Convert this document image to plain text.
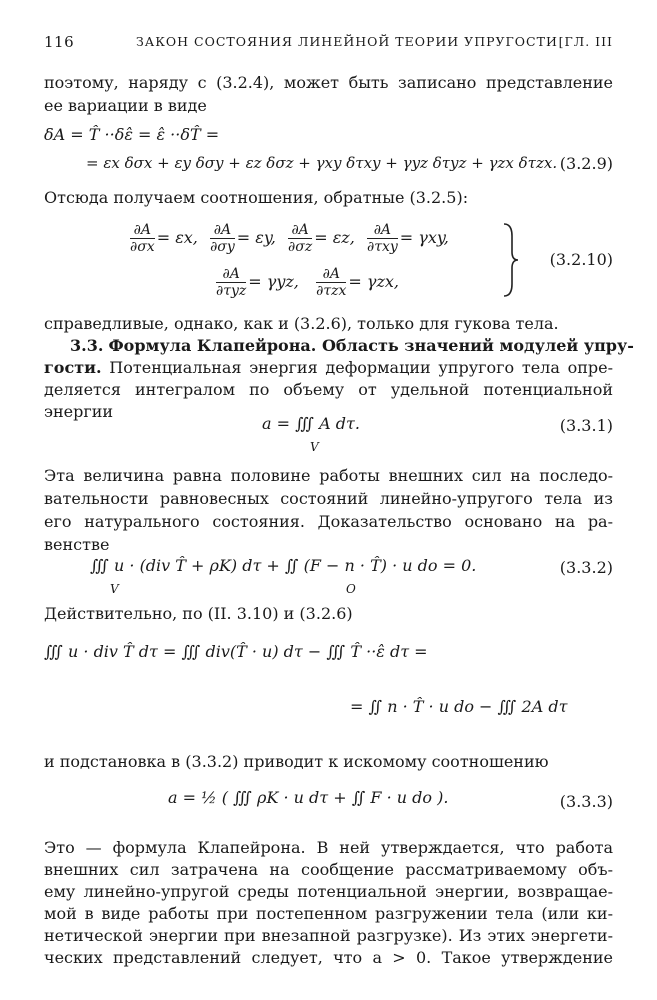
116	ЗАКОН СОСТОЯНИЯ ЛИНЕЙНОЙ ТЕОРИИ УПРУГОСТИ [ГЛ. III
поэтому, наряду с (3.2.4), может быть записано представление
ее вариации в виде
δA = T̂ ··δε̂ = ε̂ ··δT̂ =
= εx δσx + εy δσy + εz δσz + γxy δτxy + γyz δτyz + γzx δτzx. (3.2.9)
Отсюда получаем соотношения, обратные (3.2.5):
$\frac{\partial A}{\partial\sigma x} = \varepsilon x$, $\frac{\partial A}{\partial\sigma y} = \varepsilon y$, $\frac{\partial A}{\partial\sigma z} = \varepsilon z$, $\frac{\partial A}{\text{∂τxy}} = \gamma xy$,
$\frac{\partial A}{\text{∂τyz}} = \gamma yz$, $\frac{\partial A}{\text{∂τzx}} = \gamma zx$,
(3.2.10)
справедливые, однако, как и (3.2.6), только для гукова тела.
3.3. Формула Клапейрона. Область значений модулей упру-
гости. Потенциальная энергия деформации упругого тела опре-
деляется интегралом по объему от удельной потенциальной
энергии
a = ∭ A dτ.
V
(3.3.1)
Эта величина равна половине работы внешних сил на последо-
вательности равновесных состояний линейно-упругого тела из
его натурального состояния. Доказательство основано на ра-
венстве
∭ u · (div T̂ + ρK) dτ + ∬ (F − n · T̂) · u do = 0.
V	O
(3.3.2)
Действительно, по (II. 3.10) и (3.2.6)
∭ u · div T̂ dτ = ∭ div(T̂ · u) dτ − ∭ T̂ ··ε̂ dτ =
= ∬ n · T̂ · u do − ∭ 2A dτ
и подстановка в (3.3.2) приводит к искомому соотношению
a = ½ ( ∭ ρK · u dτ + ∬ F · u do ).	(3.3.3)
Это — формула Клапейрона. В ней утверждается, что работа
внешних сил затрачена на сообщение рассматриваемому объ-
ему линейно-упругой среды потенциальной энергии, возвращае-
мой в виде работы при постепенном разгружении тела (или ки-
нетической энергии при внезапной разгрузке). Из этих энергети-
ческих представлений следует, что a > 0. Такое утверждение
